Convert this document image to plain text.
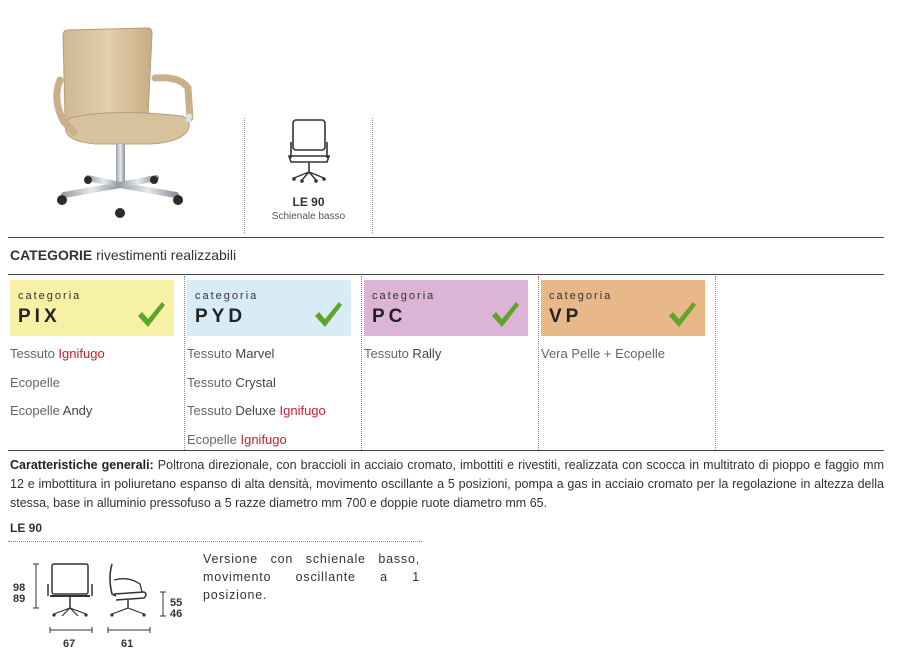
LE 90
Schienale basso
CATEGORIE rivestimenti realizzabili
categoria
PIX
Tessuto Ignifugo
Ecopelle
Ecopelle Andy
categoria
PYD
Tessuto Marvel
Tessuto Crystal
Tessuto Deluxe Ignifugo
Ecopelle Ignifugo
categoria
PC
Tessuto Rally
categoria
VP
Vera Pelle + Ecopelle
Caratteristiche generali: Poltrona direzionale, con braccioli in acciaio cromato, imbottiti e rivestiti, realizzata con scocca in multitrato di pioppo e faggio mm 12 e imbottitura in poliuretano espanso di alta densità, movimento oscillante a 5 posizioni, pompa a gas in acciaio cromato per la regolazione in altezza della stessa, base in alluminio pressofuso a 5 razze diametro mm 700 e doppie ruote diametro mm 65.
LE 90
98
89
67	61
55
46
Versione con schienale basso, movimento oscillante a 1 posizione.
